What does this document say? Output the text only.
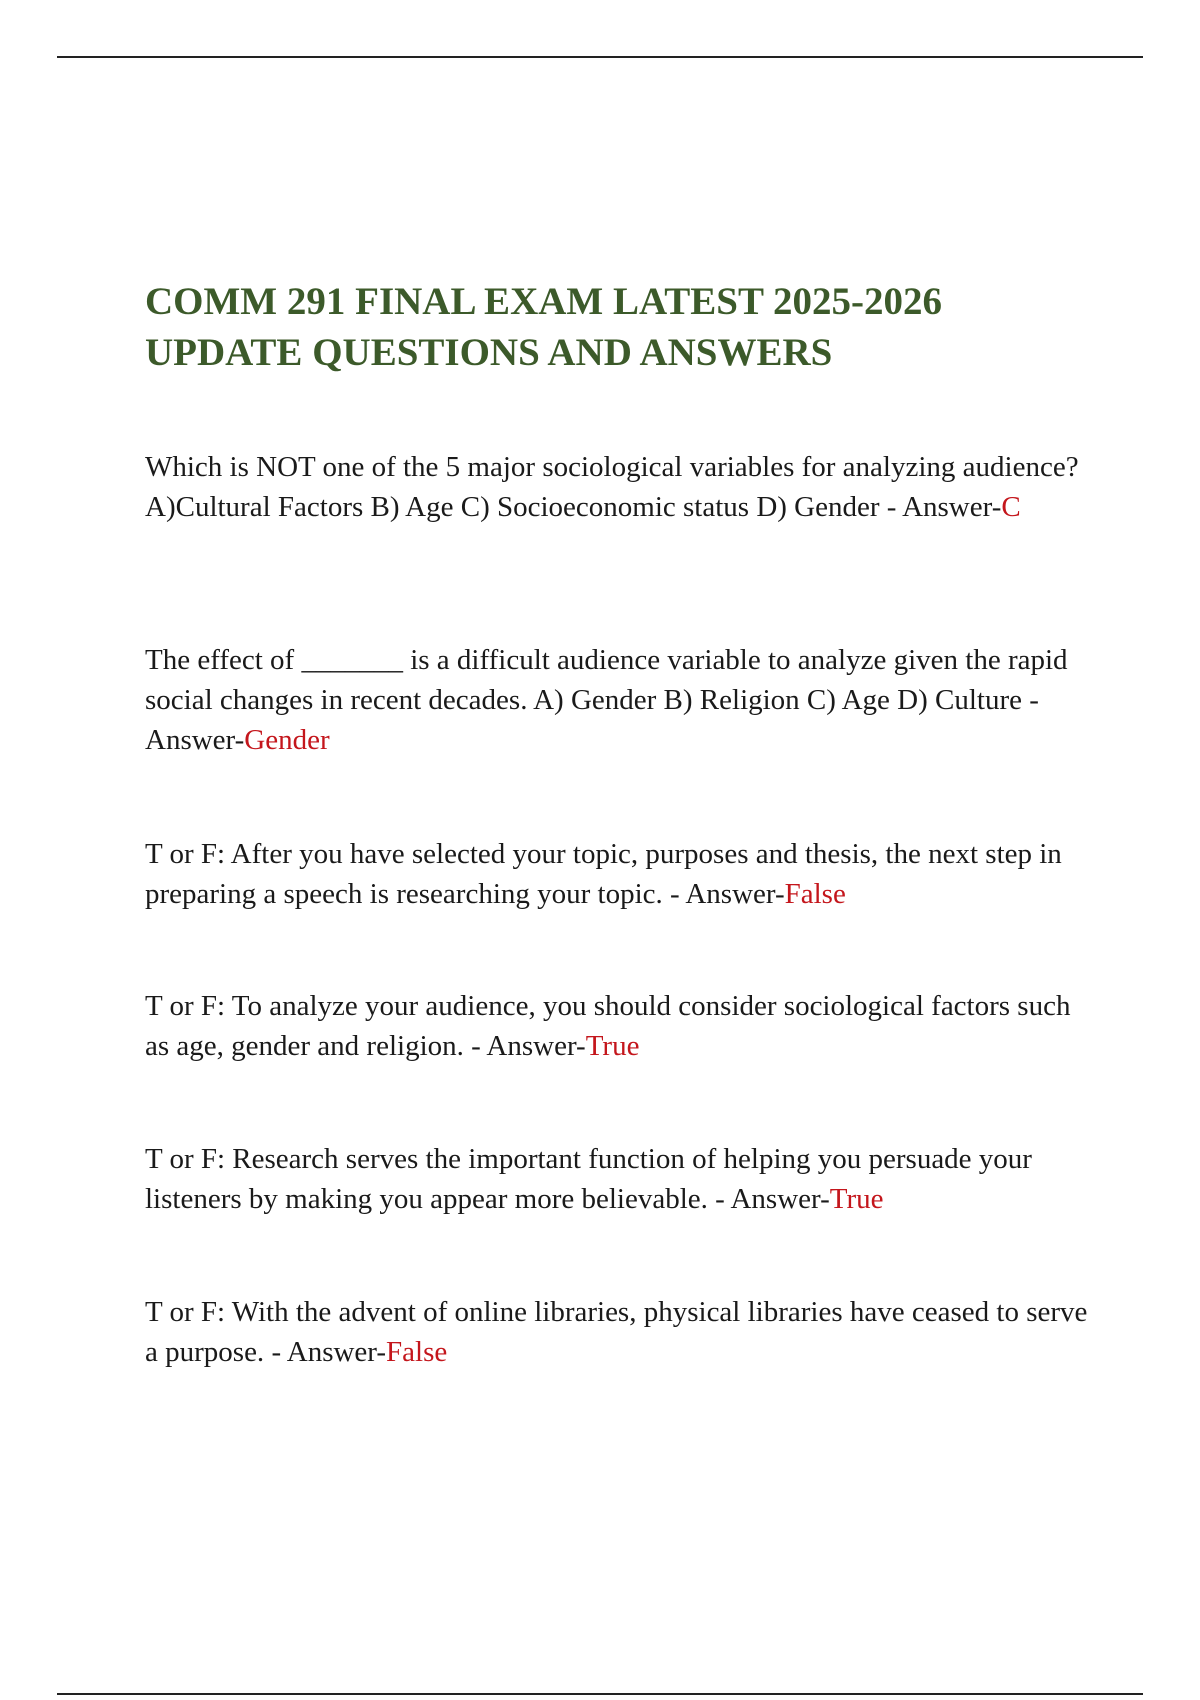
COMM 291 FINAL EXAM LATEST 2025-2026 UPDATE QUESTIONS AND ANSWERS

Which is NOT one of the 5 major sociological variables for analyzing audience? A)Cultural Factors B) Age C) Socioeconomic status D) Gender - Answer-C

The effect of _______ is a difficult audience variable to analyze given the rapid social changes in recent decades. A) Gender B) Religion C) Age D) Culture - Answer-Gender

T or F: After you have selected your topic, purposes and thesis, the next step in preparing a speech is researching your topic. - Answer-False

T or F: To analyze your audience, you should consider sociological factors such as age, gender and religion. - Answer-True

T or F: Research serves the important function of helping you persuade your listeners by making you appear more believable. - Answer-True

T or F: With the advent of online libraries, physical libraries have ceased to serve a purpose. - Answer-False
